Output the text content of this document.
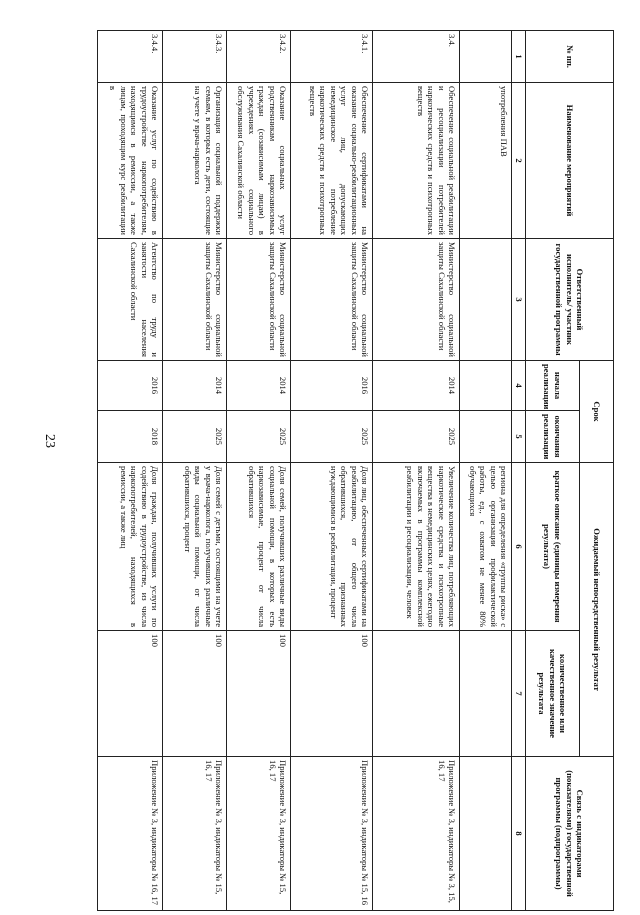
23
№ пп.	Наименование мероприятий	Ответственный исполнитель/ участник государственной программы	Срок		Ожидаемый непосредственный результат		Связь с индикаторами (показателями) государственной программы (подпрограммы)
			начала реализации	окончания реализации	краткое описание (единицы измерения результата)	количественное или качественное значение результата	
1	2	3	4	5	6	7	8
	употребления ПАВ				региона для определения «группы риска» с целью организации профилактической работы, ед., с охватом не менее 80% обучающихся		
3.4.	Обеспечение социальной реабилитации и ресоциализации потребителей наркотических средств и психотропных веществ	Министерство социальной защиты Сахалинской области	2014	2025	Увеличение количества лиц, потребляющих наркотические средства и психотропные вещества в немедицинских целях, ежегодно включаемых в программы комплексной реабилитации и ресоциализации, человек		Приложение № 3, индикаторы № 3, 15, 16, 17
3.4.1.	Обеспечение сертификатами на оказание социально-реабилитационных услуг лиц, допускающих немедицинское потребление наркотических средств и психотропных веществ	Министерство социальной защиты Сахалинской области	2016	2025	Доля лиц, обеспеченных сертификатами на реабилитацию, от общего числа обратившихся, признанных нуждающимися в реабилитации, процент	100	Приложение № 3, индикаторы № 15, 16
3.4.2.	Оказание социальных услуг родственникам наркозависимых граждан (созависимым лицам) в учреждениях социального обслуживания Сахалинской области	Министерство социальной защиты Сахалинской области	2014	2025	Доля семей, получивших различные виды социальной помощи, в которых есть наркозависимые, процент от числа обратившихся	100	Приложение № 3, индикаторы № 15, 16, 17
3.4.3.	Организация социальной поддержки семьям, в которых есть дети, состоящие на учете у врача-нарколога	Министерство социальной защиты Сахалинской области	2014	2025	Доля семей с детьми, состоящими на учете у врача-нарколога, получивших различные виды социальной помощи, от числа обратившихся, процент	100	Приложение № 3, индикаторы № 15, 16, 17
3.4.4.	Оказание услуг по содействию в трудоустройстве наркопотребителям, находящимся в ремиссии, а также лицам, проходящим курс реабилитации в	Агентство по труду и занятости населения Сахалинской области	2016	2018	Доля граждан, получивших услуги по содействию в трудоустройстве, из числа наркопотребителей, находящихся в ремиссии, а также лиц	100	Приложение № 3, индикаторы № 16, 17
